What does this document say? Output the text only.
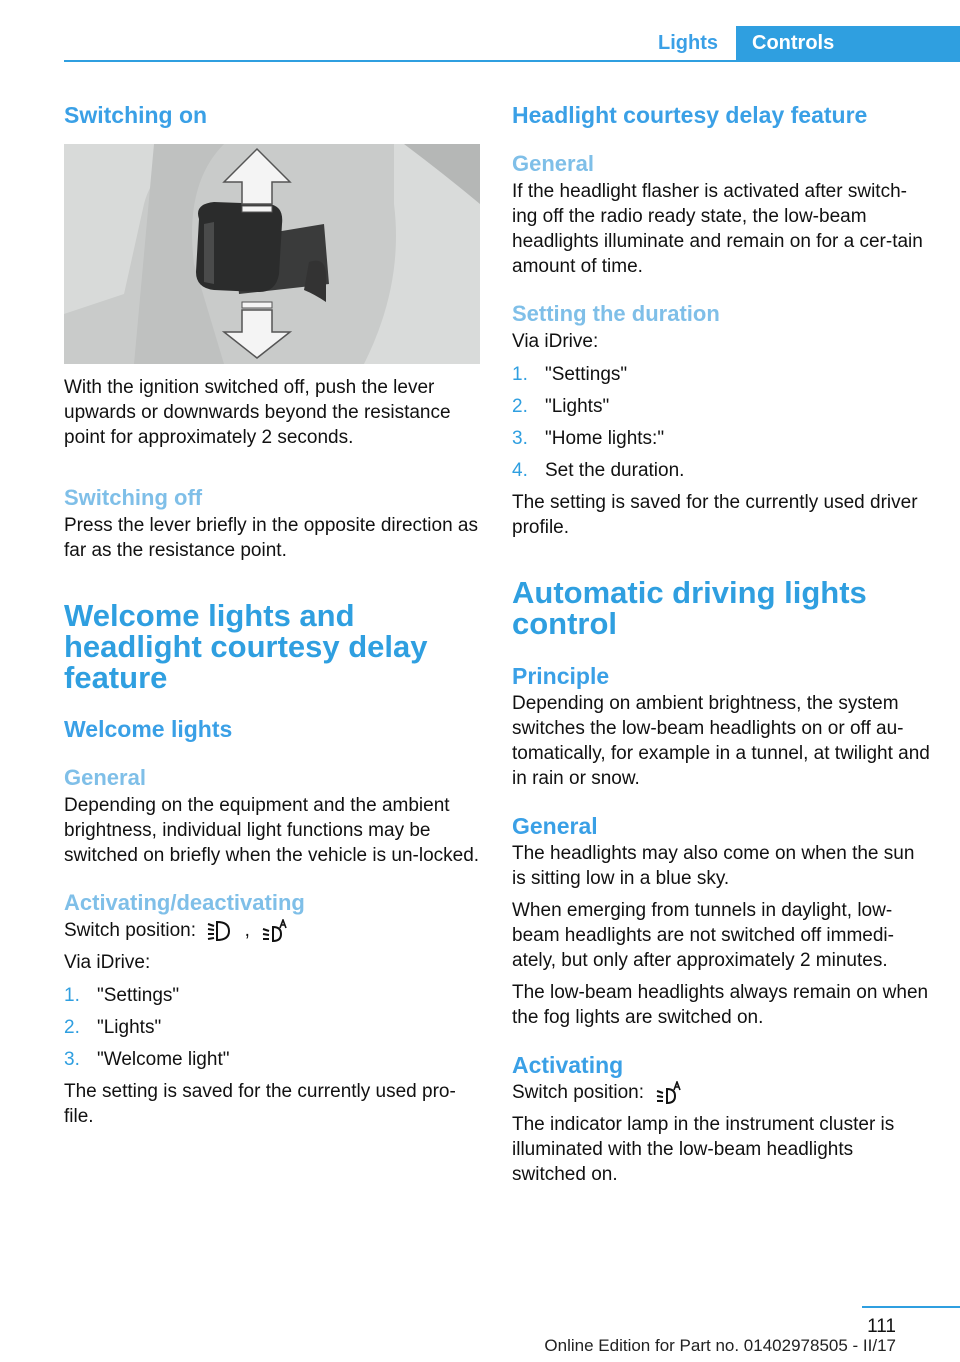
Lights	Controls
Switching on

With the ignition switched off, push the lever upwards or downwards beyond the resistance point for approximately 2 seconds.

Switching off

Press the lever briefly in the opposite direction as far as the resistance point.

Welcome lights and
headlight courtesy delay
feature
Welcome lights
General

Depending on the equipment and the ambient brightness, individual light functions may be switched on briefly when the vehicle is un-locked.

Activating/deactivating

Switch position:	,

Via iDrive:

1. "Settings"
2. "Lights"
3. "Welcome light"

The setting is saved for the currently used pro-file.

Headlight courtesy delay feature
General

If the headlight flasher is activated after switch-ing off the radio ready state, the low-beam headlights illuminate and remain on for a cer-tain amount of time.

Setting the duration

Via iDrive:

1. "Settings"
2. "Lights"
3. "Home lights:"
4. Set the duration.

The setting is saved for the currently used driver profile.

Automatic driving lights
control
Principle

Depending on ambient brightness, the system switches the low-beam headlights on or off au-tomatically, for example in a tunnel, at twilight and in rain or snow.

General

The headlights may also come on when the sun is sitting low in a blue sky.

When emerging from tunnels in daylight, low-beam headlights are not switched off immedi-ately, but only after approximately 2 minutes.

The low-beam headlights always remain on when the fog lights are switched on.

Activating

Switch position:

The indicator lamp in the instrument cluster is illuminated with the low-beam headlights switched on.

111
Online Edition for Part no. 01402978505 - II/17
